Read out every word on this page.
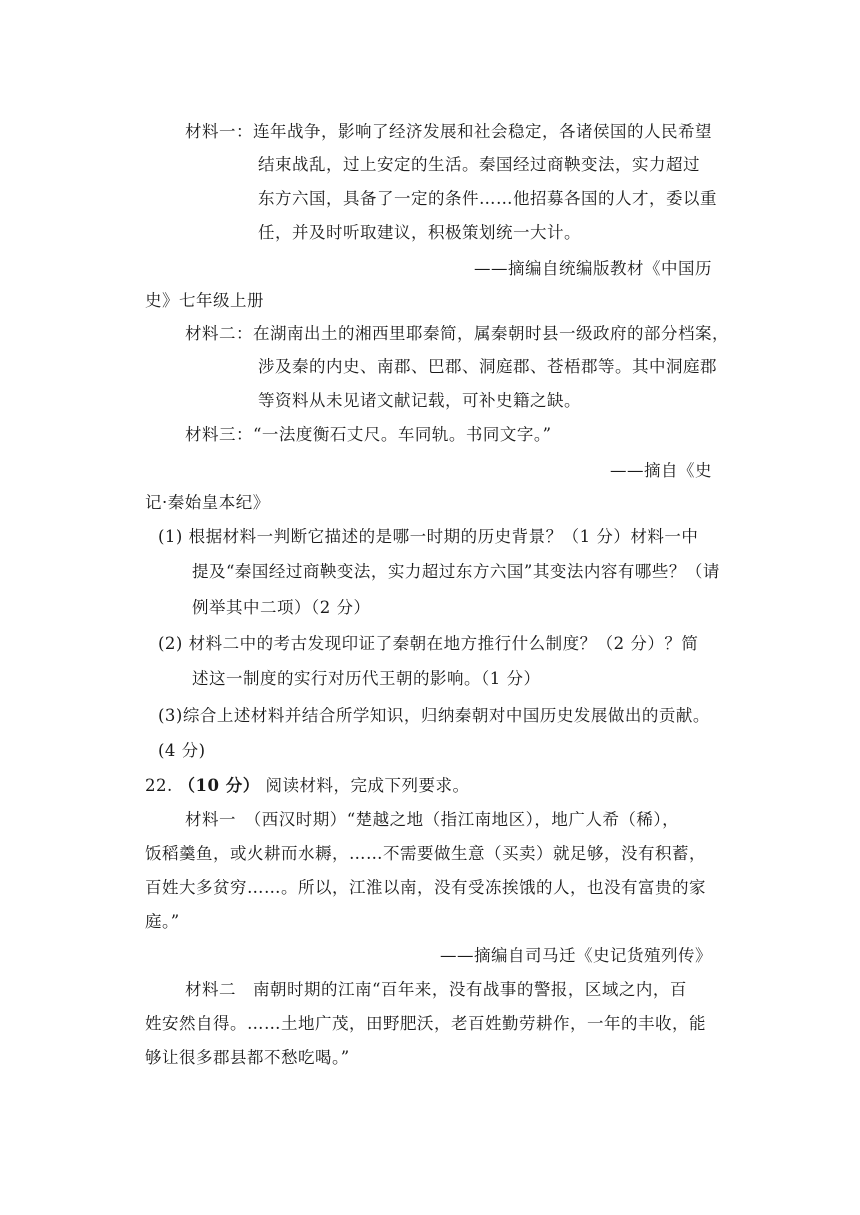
材料一：连年战争，影响了经济发展和社会稳定，各诸侯国的人民希望
结束战乱，过上安定的生活。秦国经过商鞅变法，实力超过
东方六国，具备了一定的条件……他招募各国的人才，委以重
任，并及时听取建议，积极策划统一大计。
——摘编自统编版教材《中国历
史》七年级上册
材料二：在湖南出土的湘西里耶秦简，属秦朝时县一级政府的部分档案，
涉及秦的内史、南郡、巴郡、洞庭郡、苍梧郡等。其中洞庭郡
等资料从未见诸文献记载，可补史籍之缺。
材料三：“一法度衡石丈尺。车同轨。书同文字。”
——摘自《史
记·秦始皇本纪》
(1) 根据材料一判断它描述的是哪一时期的历史背景？（1 分）材料一中
提及“秦国经过商鞅变法，实力超过东方六国”其变法内容有哪些？（请
例举其中二项）（2 分）
(2) 材料二中的考古发现印证了秦朝在地方推行什么制度？（2 分）？简
述这一制度的实行对历代王朝的影响。（1 分）
(3)综合上述材料并结合所学知识，归纳秦朝对中国历史发展做出的贡献。
(4 分)
22. （10 分） 阅读材料，完成下列要求。
材料一　（西汉时期）“楚越之地（指江南地区），地广人希（稀），
饭稻羹鱼，或火耕而水耨，……不需要做生意（买卖）就足够，没有积蓄，
百姓大多贫穷……。所以，江淮以南，没有受冻挨饿的人，也没有富贵的家
庭。”
——摘编自司马迁《史记货殖列传》
材料二　南朝时期的江南“百年来，没有战事的警报，区域之内，百
姓安然自得。……土地广茂，田野肥沃，老百姓勤劳耕作，一年的丰收，能
够让很多郡县都不愁吃喝。”
